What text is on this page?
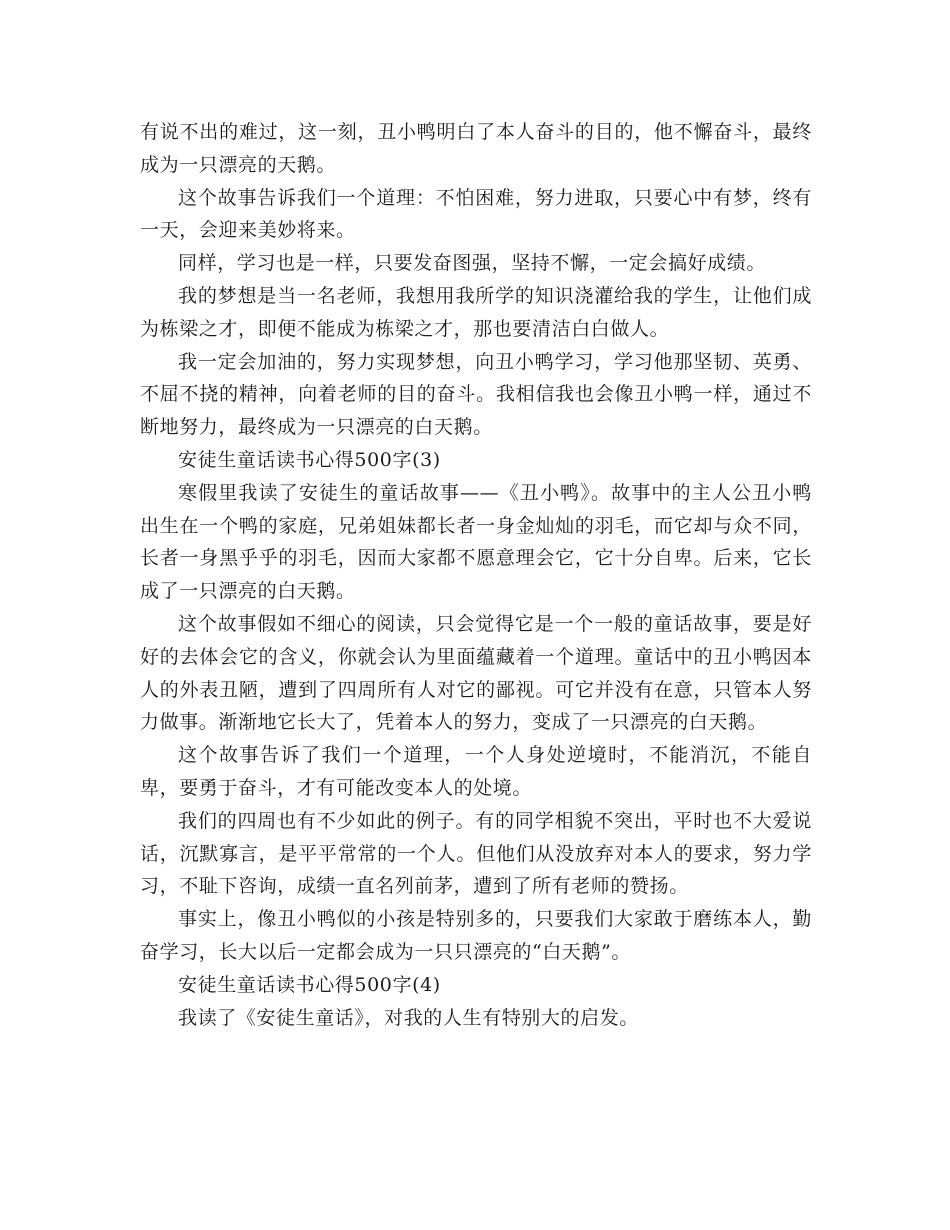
有说不出的难过，这一刻，丑小鸭明白了本人奋斗的目的，他不懈奋斗，最终成为一只漂亮的天鹅。

这个故事告诉我们一个道理：不怕困难，努力进取，只要心中有梦，终有一天，会迎来美妙将来。

同样，学习也是一样，只要发奋图强，坚持不懈，一定会搞好成绩。

我的梦想是当一名老师，我想用我所学的知识浇灌给我的学生，让他们成为栋梁之才，即便不能成为栋梁之才，那也要清洁白白做人。

我一定会加油的，努力实现梦想，向丑小鸭学习，学习他那坚韧、英勇、不屈不挠的精神，向着老师的目的奋斗。我相信我也会像丑小鸭一样，通过不断地努力，最终成为一只漂亮的白天鹅。

安徒生童话读书心得500字(3)

寒假里我读了安徒生的童话故事——《丑小鸭》。故事中的主人公丑小鸭出生在一个鸭的家庭，兄弟姐妹都长者一身金灿灿的羽毛，而它却与众不同，长者一身黑乎乎的羽毛，因而大家都不愿意理会它，它十分自卑。后来，它长成了一只漂亮的白天鹅。

这个故事假如不细心的阅读，只会觉得它是一个一般的童话故事，要是好好的去体会它的含义，你就会认为里面蕴藏着一个道理。童话中的丑小鸭因本人的外表丑陋，遭到了四周所有人对它的鄙视。可它并没有在意，只管本人努力做事。渐渐地它长大了，凭着本人的努力，变成了一只漂亮的白天鹅。

这个故事告诉了我们一个道理，一个人身处逆境时，不能消沉，不能自卑，要勇于奋斗，才有可能改变本人的处境。

我们的四周也有不少如此的例子。有的同学相貌不突出，平时也不大爱说话，沉默寡言，是平平常常的一个人。但他们从没放弃对本人的要求，努力学习，不耻下咨询，成绩一直名列前茅，遭到了所有老师的赞扬。

事实上，像丑小鸭似的小孩是特别多的，只要我们大家敢于磨练本人，勤奋学习，长大以后一定都会成为一只只漂亮的“白天鹅”。

安徒生童话读书心得500字(4)

我读了《安徒生童话》，对我的人生有特别大的启发。
